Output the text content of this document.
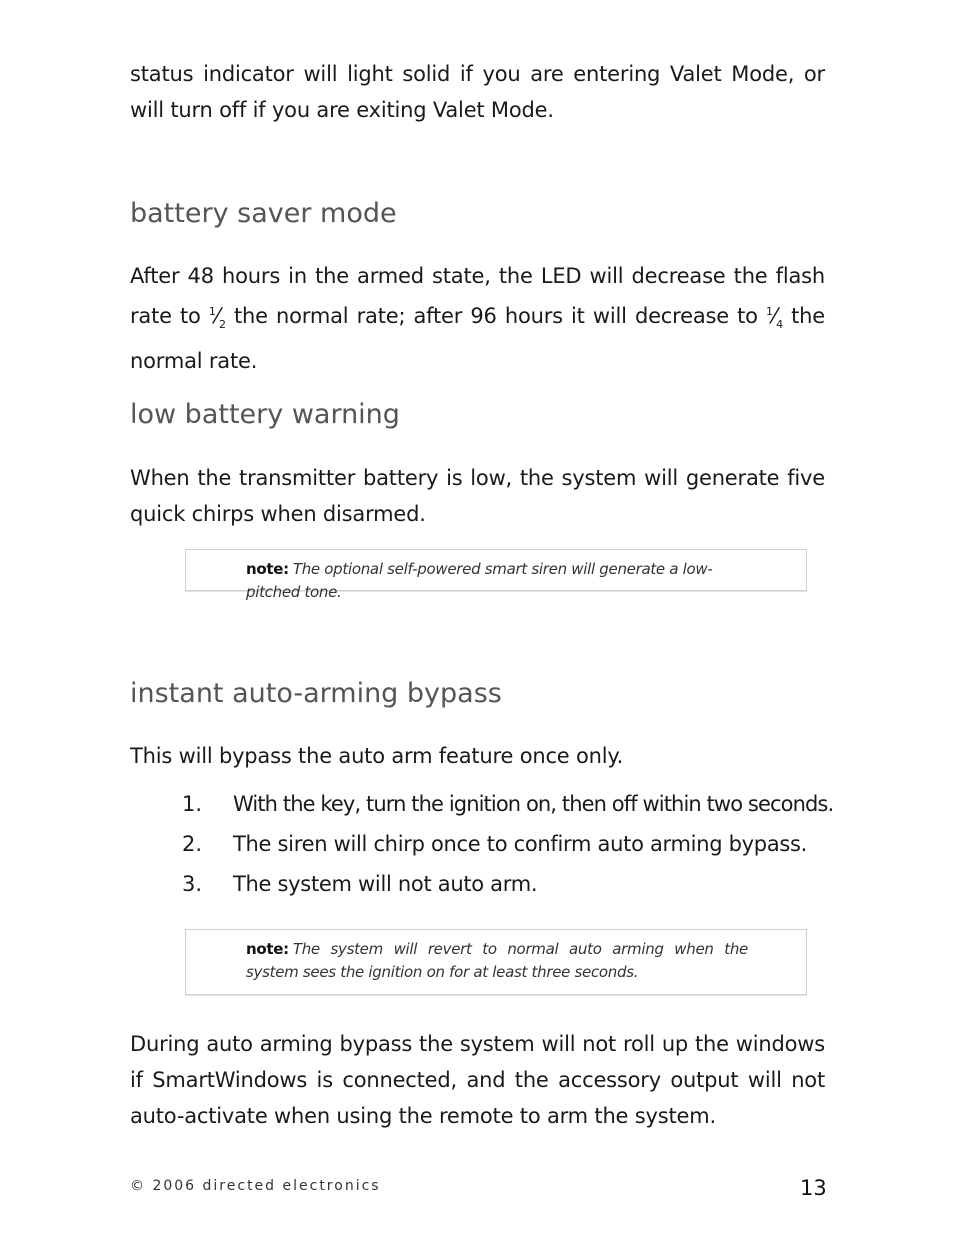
status indicator will light solid if you are entering Valet Mode, or will turn off if you are exiting Valet Mode.

battery saver mode

After 48 hours in the armed state, the LED will decrease the flash rate to $^1⁄_2$ the normal rate; after 96 hours it will decrease to $^1⁄_4$ the normal rate.

low battery warning

When the transmitter battery is low, the system will generate five quick chirps when disarmed.

note: The optional self-powered smart siren will generate a low-pitched tone.
instant auto-arming bypass

This will bypass the auto arm feature once only.

1.	With the key, turn the ignition on, then off within two seconds.
2.	The siren will chirp once to confirm auto arming bypass.
3.	The system will not auto arm.
note: The system will revert to normal auto arming when the system sees the ignition on for at least three seconds.

During auto arming bypass the system will not roll up the windows if SmartWindows is connected, and the accessory output will not auto-activate when using the remote to arm the system.

© 2006 directed electronics	13
